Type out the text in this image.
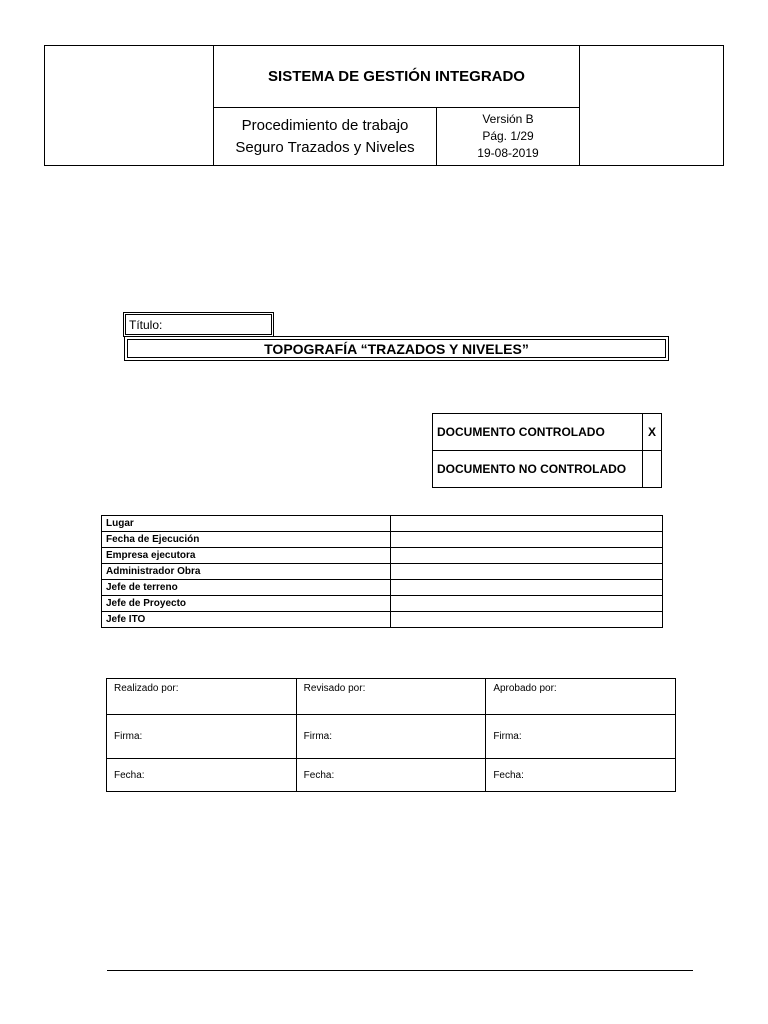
SISTEMA DE GESTIÓN INTEGRADO
Procedimiento de trabajo
Seguro Trazados y Niveles
Versión B
Pág. 1/29
19-08-2019
Título:
TOPOGRAFÍA “TRAZADOS Y NIVELES”
DOCUMENTO CONTROLADO	X
DOCUMENTO NO CONTROLADO	
Lugar	
Fecha de Ejecución	
Empresa ejecutora	
Administrador Obra	
Jefe de terreno	
Jefe de Proyecto	
Jefe ITO	
Realizado por:	Revisado por:	Aprobado por:
Firma:	Firma:	Firma:
Fecha:	Fecha:	Fecha:
